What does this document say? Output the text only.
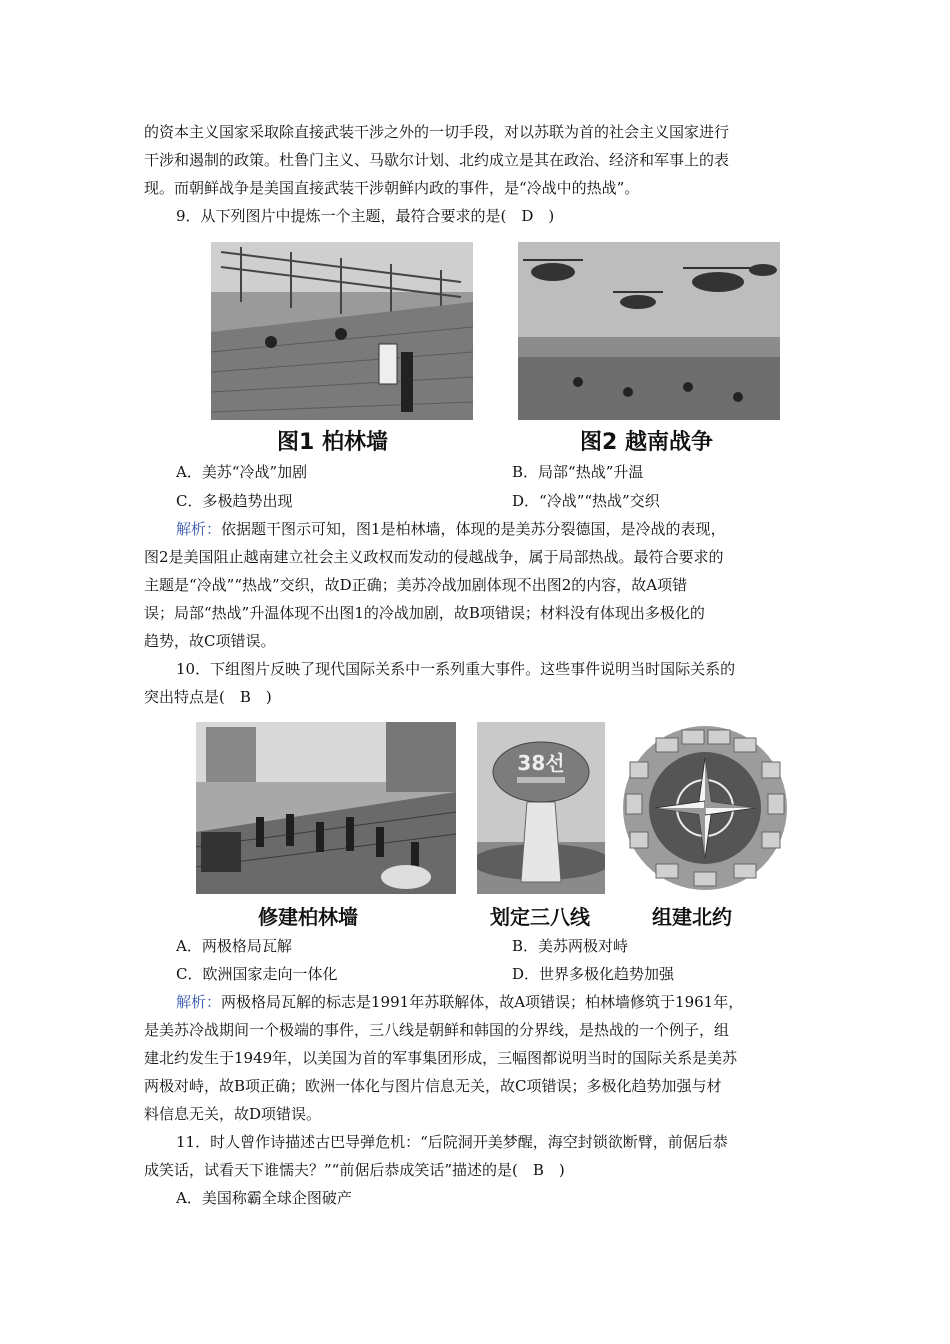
的资本主义国家采取除直接武装干涉之外的一切手段，对以苏联为首的社会主义国家进行
干涉和遏制的政策。杜鲁门主义、马歇尔计划、北约成立是其在政治、经济和军事上的表
现。而朝鲜战争是美国直接武装干涉朝鲜内政的事件，是“冷战中的热战”。
9．从下列图片中提炼一个主题，最符合要求的是(　D　)
图1 柏林墙	图2 越南战争
A．美苏“冷战”加剧	B．局部“热战”升温
C．多极趋势出现	D．“冷战”“热战”交织
解析：依据题干图示可知，图1是柏林墙，体现的是美苏分裂德国，是冷战的表现，
图2是美国阻止越南建立社会主义政权而发动的侵越战争，属于局部热战。最符合要求的
主题是“冷战”“热战”交织，故D正确；美苏冷战加剧体现不出图2的内容，故A项错
误；局部“热战”升温体现不出图1的冷战加剧，故B项错误；材料没有体现出多极化的
趋势，故C项错误。
10．下组图片反映了现代国际关系中一系列重大事件。这些事件说明当时国际关系的
突出特点是(　B　)
38선
修建柏林墙	划定三八线	组建北约
A．两极格局瓦解	B．美苏两极对峙
C．欧洲国家走向一体化	D．世界多极化趋势加强
解析：两极格局瓦解的标志是1991年苏联解体，故A项错误；柏林墙修筑于1961年，
是美苏冷战期间一个极端的事件，三八线是朝鲜和韩国的分界线，是热战的一个例子，组
建北约发生于1949年，以美国为首的军事集团形成，三幅图都说明当时的国际关系是美苏
两极对峙，故B项正确；欧洲一体化与图片信息无关，故C项错误；多极化趋势加强与材
料信息无关，故D项错误。
11．时人曾作诗描述古巴导弹危机：“后院洞开美梦醒，海空封锁欲断臂，前倨后恭
成笑话，试看天下谁懦夫？”“前倨后恭成笑话”描述的是(　B　)
A．美国称霸全球企图破产
